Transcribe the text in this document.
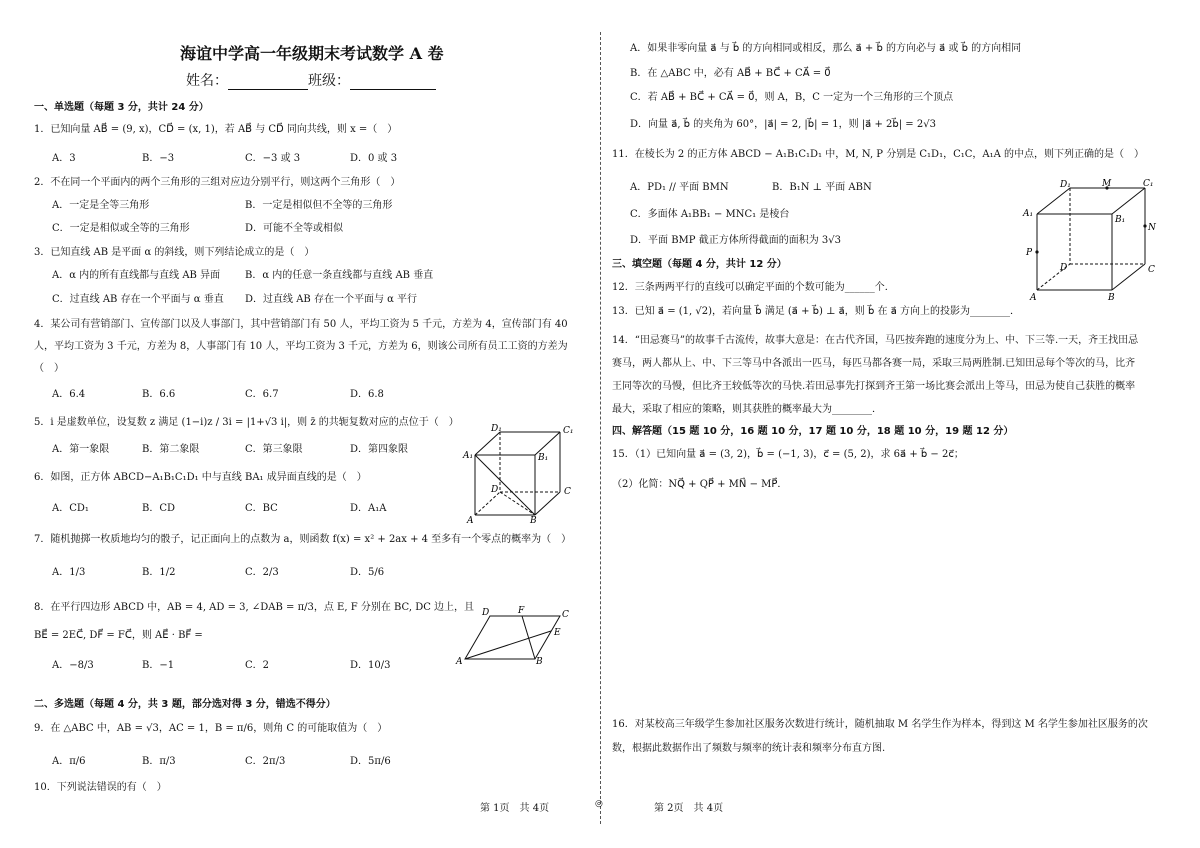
海谊中学高一年级期末考试数学 A 卷
姓名：	班级：
一、单选题（每题 3 分，共计 24 分）
1．已知向量 AB⃗ = (9, x)，CD⃗ = (x, 1)，若 AB⃗ 与 CD⃗ 同向共线，则 x =（　）
A．3	B．−3	C．−3 或 3	D．0 或 3
2．不在同一个平面内的两个三角形的三组对应边分别平行，则这两个三角形（　）
A．一定是全等三角形	B．一定是相似但不全等的三角形
C．一定是相似或全等的三角形	D．可能不全等或相似
3．已知直线 AB 是平面 α 的斜线，则下列结论成立的是（　）
A．α 内的所有直线都与直线 AB 异面 B．α 内的任意一条直线都与直线 AB 垂直
C．过直线 AB 存在一个平面与 α 垂直 D．过直线 AB 存在一个平面与 α 平行
4．某公司有营销部门、宣传部门以及人事部门，其中营销部门有 50 人，平均工资为 5 千元，方差为 4，宣传部门有 40
人，平均工资为 3 千元，方差为 8，人事部门有 10 人，平均工资为 3 千元，方差为 6，则该公司所有员工工资的方差为
（　）
A．6.4	B．6.6	C．6.7	D．6.8
5．i 是虚数单位，设复数 z 满足 (1−i)z / 3i = |1+√3 i|，则 z̄ 的共轭复数对应的点位于（　）
A．第一象限	B．第二象限	C．第三象限	D．第四象限
6．如图，正方体 ABCD−A₁B₁C₁D₁ 中与直线 BA₁ 成异面直线的是（　）
A．CD₁	B．CD	C．BC	D．A₁A
D₁	C₁
A₁	B₁
D	C
A	B
7．随机抛掷一枚质地均匀的骰子，记正面向上的点数为 a，则函数 f(x) = x² + 2ax + 4 至多有一个零点的概率为（　）
A．1/3	B．1/2	C．2/3	D．5/6
8．在平行四边形 ABCD 中，AB = 4, AD = 3, ∠DAB = π/3，点 E, F 分别在 BC, DC 边上，且
BE⃗ = 2EC⃗, DF⃗ = FC⃗，则 AE⃗ · BF⃗ =
A．−8/3	B．−1	C．2	D．10/3
D	F	C
E
A	B
二、多选题（每题 4 分，共 3 题，部分选对得 3 分，错选不得分）
9．在 △ABC 中，AB = √3，AC = 1，B = π/6，则角 C 的可能取值为（　）
A．π/6	B．π/3	C．2π/3	D．5π/6
10．下列说法错误的有（　）
第 1页　共 4页	◎
A．如果非零向量 a⃗ 与 b⃗ 的方向相同或相反，那么 a⃗ + b⃗ 的方向必与 a⃗ 或 b⃗ 的方向相同
B．在 △ABC 中，必有 AB⃗ + BC⃗ + CA⃗ = 0⃗
C．若 AB⃗ + BC⃗ + CA⃗ = 0⃗，则 A，B，C 一定为一个三角形的三个顶点
D．向量 a⃗, b⃗ 的夹角为 60°，|a⃗| = 2, |b⃗| = 1，则 |a⃗ + 2b⃗| = 2√3
11．在棱长为 2 的正方体 ABCD − A₁B₁C₁D₁ 中，M, N, P 分别是 C₁D₁，C₁C，A₁A 的中点，则下列正确的是（　）
A．PD₁ // 平面 BMN	B．B₁N ⊥ 平面 ABN
C．多面体 A₁BB₁ − MNC₁ 是棱台
D．平面 BMP 截正方体所得截面的面积为 3√3
D₁	M	C₁
A₁
B₁
N
P
D	C
A	B
三、填空题（每题 4 分，共计 12 分）
12．三条两两平行的直线可以确定平面的个数可能为______个．
13．已知 a⃗ = (1, √2)，若向量 b⃗ 满足 (a⃗ + b⃗) ⊥ a⃗，则 b⃗ 在 a⃗ 方向上的投影为________．
14．“田忌赛马”的故事千古流传，故事大意是：在古代齐国，马匹按奔跑的速度分为上、中、下三等.一天，齐王找田忌
赛马，两人都从上、中、下三等马中各派出一匹马，每匹马都各赛一局，采取三局两胜制.已知田忌每个等次的马，比齐
王同等次的马慢，但比齐王较低等次的马快.若田忌事先打探到齐王第一场比赛会派出上等马，田忌为使自己获胜的概率
最大，采取了相应的策略，则其获胜的概率最大为________．
四、解答题（15 题 10 分，16 题 10 分，17 题 10 分，18 题 10 分，19 题 12 分）
15．（1）已知向量 a⃗ = (3, 2)，b⃗ = (−1, 3)，c⃗ = (5, 2)，求 6a⃗ + b⃗ − 2c⃗；
（2）化简：NQ⃗ + QP⃗ + MN⃗ − MP⃗．
16．对某校高三年级学生参加社区服务次数进行统计，随机抽取 M 名学生作为样本，得到这 M 名学生参加社区服务的次
数，根据此数据作出了频数与频率的统计表和频率分布直方图.
第 2页　共 4页
